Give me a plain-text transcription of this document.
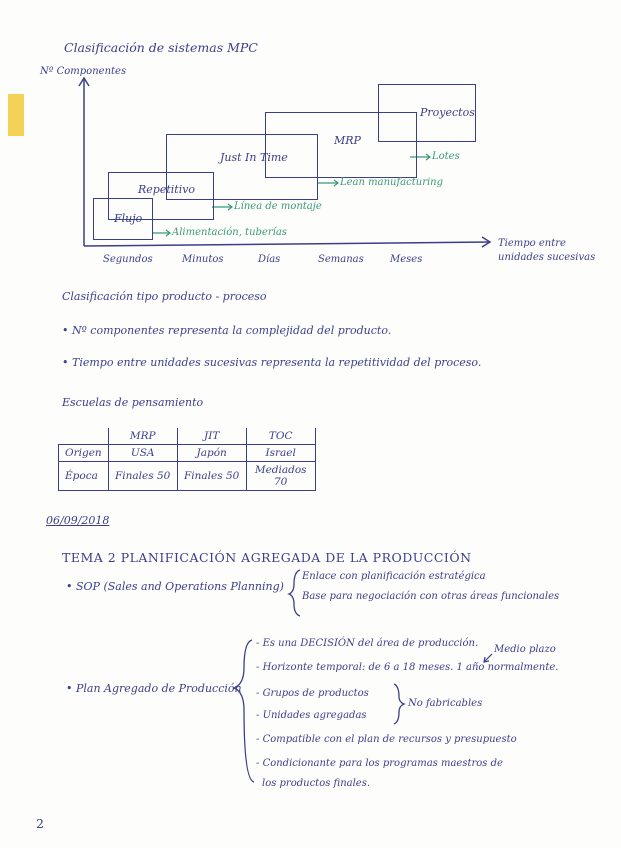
Clasificación de sistemas MPC
Nº Componentes
Flujo
Repetitivo
Just In Time
MRP
Proyectos
Alimentación, tuberías
Línea de montaje
Lean manufacturing
Lotes
Segundos	Minutos	Días	Semanas	Meses
Tiempo entre
unidades sucesivas
Clasificación tipo producto - proceso
• Nº componentes representa la complejidad del producto.
• Tiempo entre unidades sucesivas representa la repetitividad del proceso.
Escuelas de pensamiento
	MRP	JIT	TOC
Origen	USA	Japón	Israel
Época	Finales 50	Finales 50	Mediados 70
06/09/2018
TEMA 2 PLANIFICACIÓN AGREGADA DE LA PRODUCCIÓN
• SOP (Sales and Operations Planning)
Enlace con planificación estratégica
Base para negociación con otras áreas funcionales
• Plan Agregado de Producción
- Es una DECISIÓN del área de producción.
- Horizonte temporal: de 6 a 18 meses. 1 año normalmente.
- Grupos de productos
- Unidades agregadas
- Compatible con el plan de recursos y presupuesto
- Condicionante para los programas maestros de
los productos finales.
Medio plazo
No fabricables
2
